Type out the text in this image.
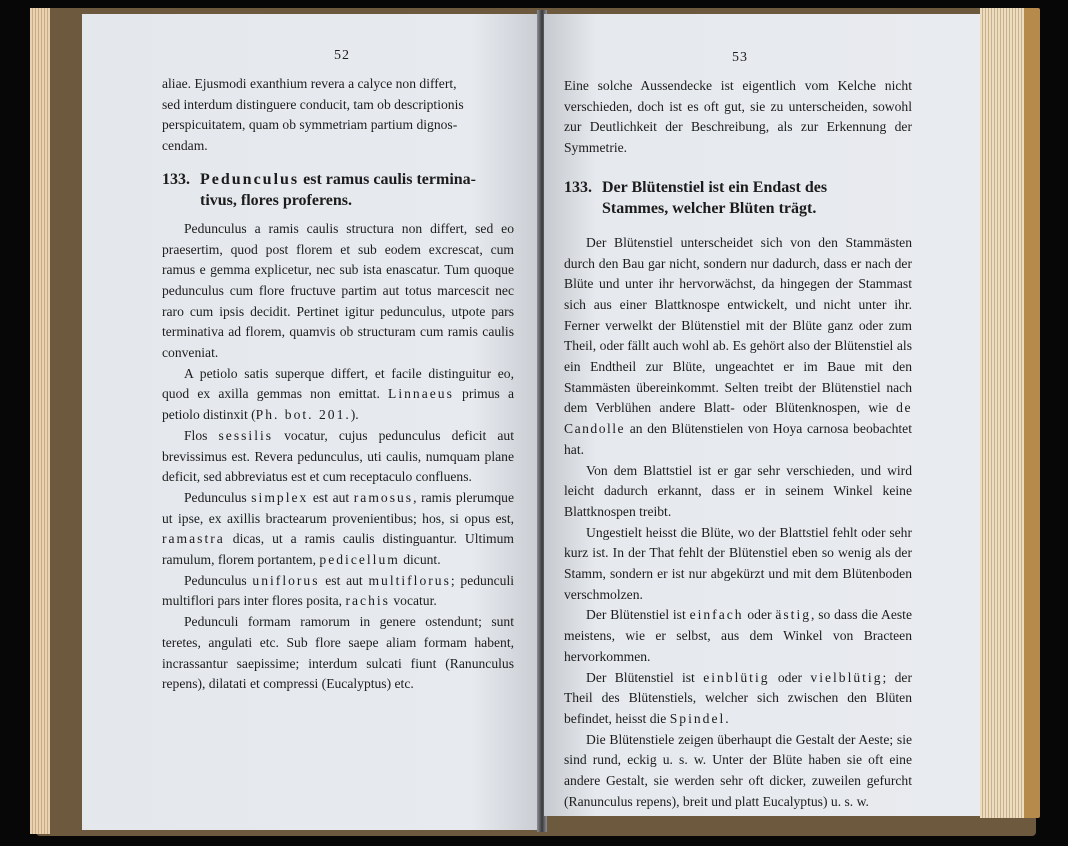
52

aliae. Ejusmodi exanthium revera a calyce non differt,

sed interdum distinguere conducit, tam ob descriptionis

perspicuitatem, quam ob symmetriam partium dignos-

cendam.

133. Pedunculus est ramus caulis termina-
tivus, flores proferens.

Pedunculus a ramis caulis structura non differt, sed eo praesertim, quod post florem et sub eodem excrescat, cum ramus e gemma explicetur, nec sub ista enascatur. Tum quoque pedunculus cum flore fructuve partim aut totus marcescit nec raro cum ipsis decidit. Pertinet igitur pedunculus, utpote pars terminativa ad florem, quamvis ob structuram cum ramis caulis conveniat.

A petiolo satis superque differt, et facile distinguitur eo, quod ex axilla gemmas non emittat. Linnaeus primus a petiolo distinxit (Ph. bot. 201.).

Flos sessilis vocatur, cujus pedunculus deficit aut brevissimus est. Revera pedunculus, uti caulis, numquam plane deficit, sed abbreviatus est et cum receptaculo confluens.

Pedunculus simplex est aut ramosus, ramis plerumque ut ipse, ex axillis bractearum provenientibus; hos, si opus est, ramastra dicas, ut a ramis caulis distinguantur. Ultimum ramulum, florem portantem, pedicellum dicunt.

Pedunculus uniflorus est aut multiflorus; pedunculi multiflori pars inter flores posita, rachis vocatur.

Pedunculi formam ramorum in genere ostendunt; sunt teretes, angulati etc. Sub flore saepe aliam formam habent, incrassantur saepissime; interdum sulcati fiunt (Ranunculus repens), dilatati et compressi (Eucalyptus) etc.

53

Eine solche Aussendecke ist eigentlich vom Kelche nicht verschieden, doch ist es oft gut, sie zu unterscheiden, sowohl zur Deutlichkeit der Beschreibung, als zur Erkennung der Symmetrie.

133. Der Blütenstiel ist ein Endast des
Stammes, welcher Blüten trägt.

Der Blütenstiel unterscheidet sich von den Stammästen durch den Bau gar nicht, sondern nur dadurch, dass er nach der Blüte und unter ihr hervorwächst, da hingegen der Stammast sich aus einer Blattknospe entwickelt, und nicht unter ihr. Ferner verwelkt der Blütenstiel mit der Blüte ganz oder zum Theil, oder fällt auch wohl ab. Es gehört also der Blütenstiel als ein Endtheil zur Blüte, ungeachtet er im Baue mit den Stammästen übereinkommt. Selten treibt der Blütenstiel nach dem Verblühen andere Blatt- oder Blütenknospen, wie de Candolle an den Blütenstielen von Hoya carnosa beobachtet hat.

Von dem Blattstiel ist er gar sehr verschieden, und wird leicht dadurch erkannt, dass er in seinem Winkel keine Blattknospen treibt.

Ungestielt heisst die Blüte, wo der Blattstiel fehlt oder sehr kurz ist. In der That fehlt der Blütenstiel eben so wenig als der Stamm, sondern er ist nur abgekürzt und mit dem Blütenboden verschmolzen.

Der Blütenstiel ist einfach oder ästig, so dass die Aeste meistens, wie er selbst, aus dem Winkel von Bracteen hervorkommen.

Der Blütenstiel ist einblütig oder vielblütig; der Theil des Blütenstiels, welcher sich zwischen den Blüten befindet, heisst die Spindel.

Die Blütenstiele zeigen überhaupt die Gestalt der Aeste; sie sind rund, eckig u. s. w. Unter der Blüte haben sie oft eine andere Gestalt, sie werden sehr oft dicker, zuweilen gefurcht (Ranunculus repens), breit und platt Eucalyptus) u. s. w.
